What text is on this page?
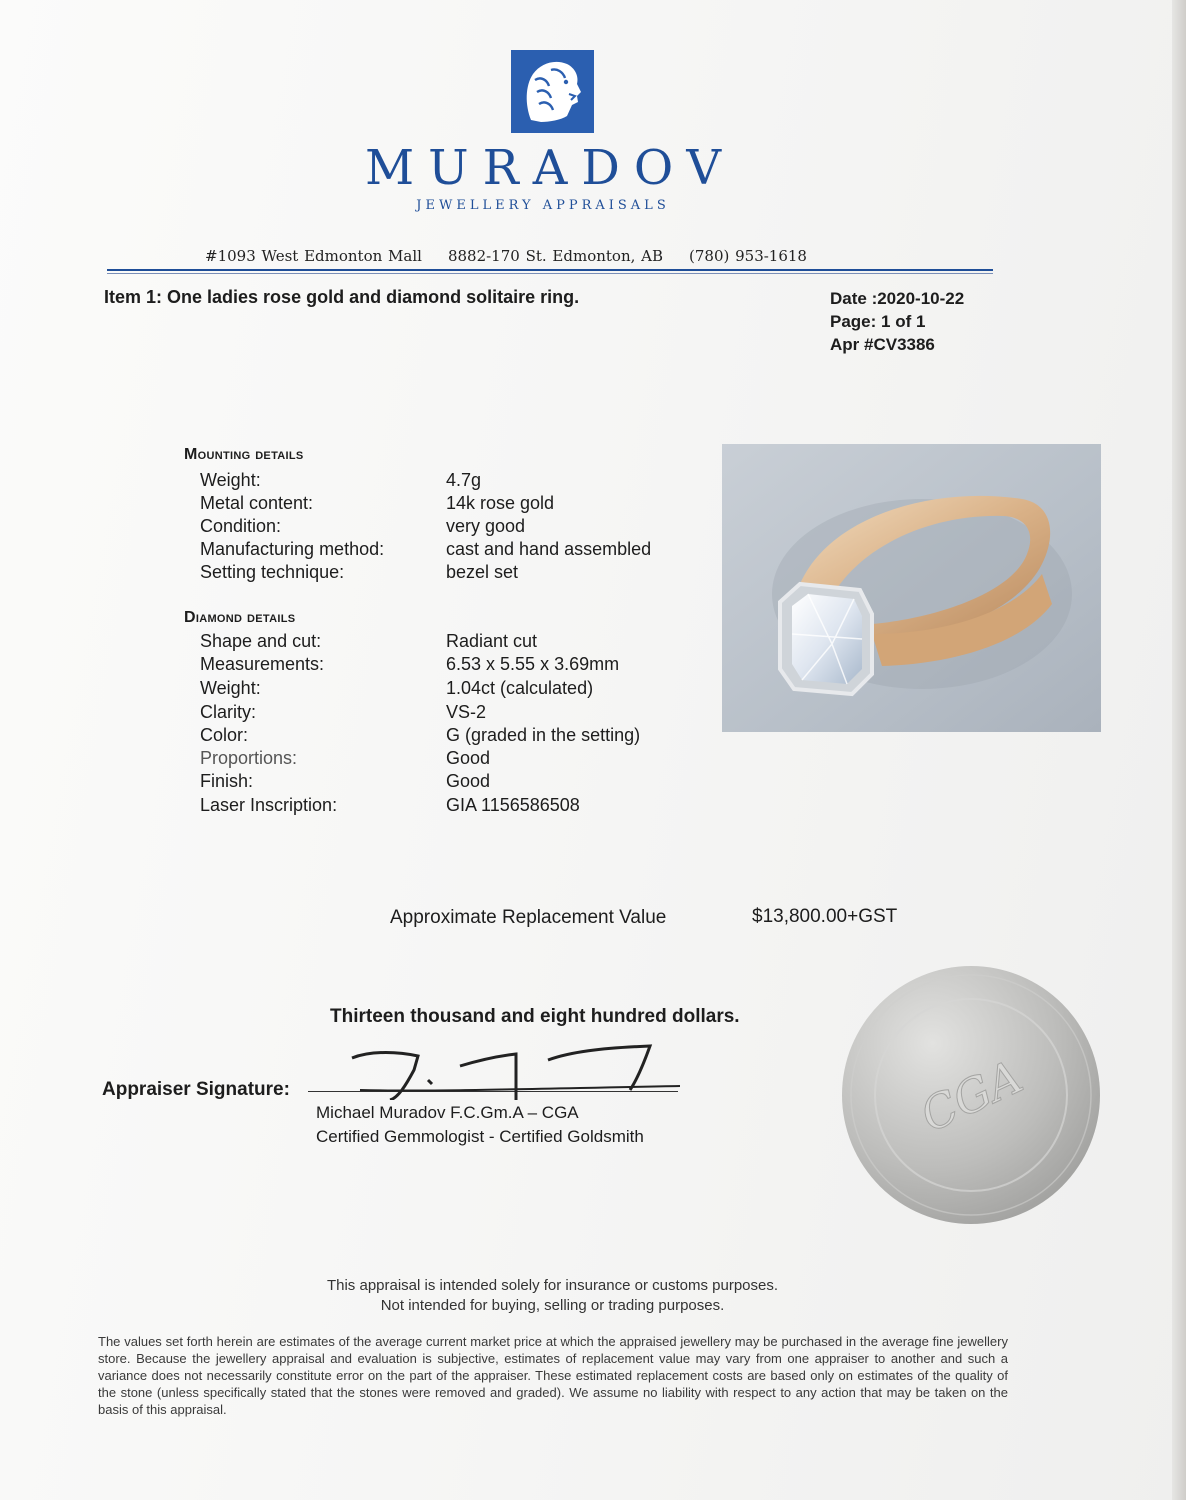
MURADOV
JEWELLERY APPRAISALS
#1093 West Edmonton Mall 8882-170 St. Edmonton, AB (780) 953-1618
Item 1: One ladies rose gold and diamond solitaire ring.	Date :2020-10-22
Page: 1 of 1
Apr #CV3386
Mounting details
Weight:	4.7g
Metal content:	14k rose gold
Condition:	very good
Manufacturing method:	cast and hand assembled
Setting technique:	bezel set
Diamond details
Shape and cut:	Radiant cut
Measurements:	6.53 x 5.55 x 3.69mm
Weight:	1.04ct (calculated)
Clarity:	VS-2
Color:	G (graded in the setting)
Proportions:	Good
Finish:	Good
Laser Inscription:	GIA 1156586508
Approximate Replacement Value	$13,800.00+GST
Thirteen thousand and eight hundred dollars.
Appraiser Signature:
Michael Muradov F.C.Gm.A – CGA
Certified Gemmologist - Certified Goldsmith	CGA
This appraisal is intended solely for insurance or customs purposes.
Not intended for buying, selling or trading purposes.
The values set forth herein are estimates of the average current market price at which the appraised jewellery may be purchased in the average fine jewellery store. Because the jewellery appraisal and evaluation is subjective, estimates of replacement value may vary from one appraiser to another and such a variance does not necessarily constitute error on the part of the appraiser. These estimated replacement costs are based only on estimates of the quality of the stone (unless specifically stated that the stones were removed and graded). We assume no liability with respect to any action that may be taken on the basis of this appraisal.
